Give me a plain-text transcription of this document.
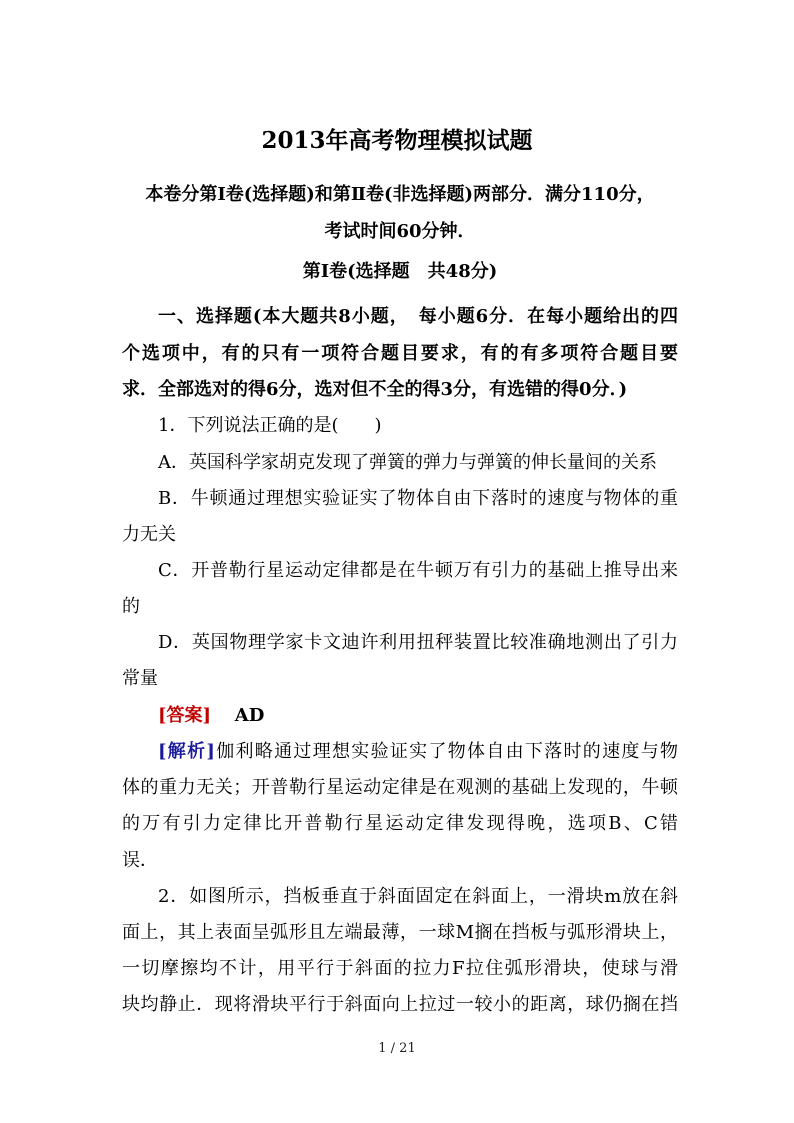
2013年高考物理模拟试题
本卷分第Ⅰ卷(选择题)和第Ⅱ卷(非选择题)两部分．满分110分，
考试时间60分钟．
第Ⅰ卷(选择题　共48分)
一、选择题(本大题共8小题，　每小题6分．在每小题给出的四
个选项中，有的只有一项符合题目要求，有的有多项符合题目要
求．全部选对的得6分，选对但不全的得3分，有选错的得0分．)
1．下列说法正确的是(　　)
A．英国科学家胡克发现了弹簧的弹力与弹簧的伸长量间的关系
B．牛顿通过理想实验证实了物体自由下落时的速度与物体的重
力无关
C．开普勒行星运动定律都是在牛顿万有引力的基础上推导出来
的
D．英国物理学家卡文迪许利用扭秤装置比较准确地测出了引力
常量
[答案] AD
[解析]伽利略通过理想实验证实了物体自由下落时的速度与物
体的重力无关；开普勒行星运动定律是在观测的基础上发现的，牛顿
的万有引力定律比开普勒行星运动定律发现得晚，选项B、C错
误．
2．如图所示，挡板垂直于斜面固定在斜面上，一滑块m放在斜
面上，其上表面呈弧形且左端最薄，一球M搁在挡板与弧形滑块上，
一切摩擦均不计，用平行于斜面的拉力F拉住弧形滑块，使球与滑
块均静止．现将滑块平行于斜面向上拉过一较小的距离，球仍搁在挡
1 / 21
